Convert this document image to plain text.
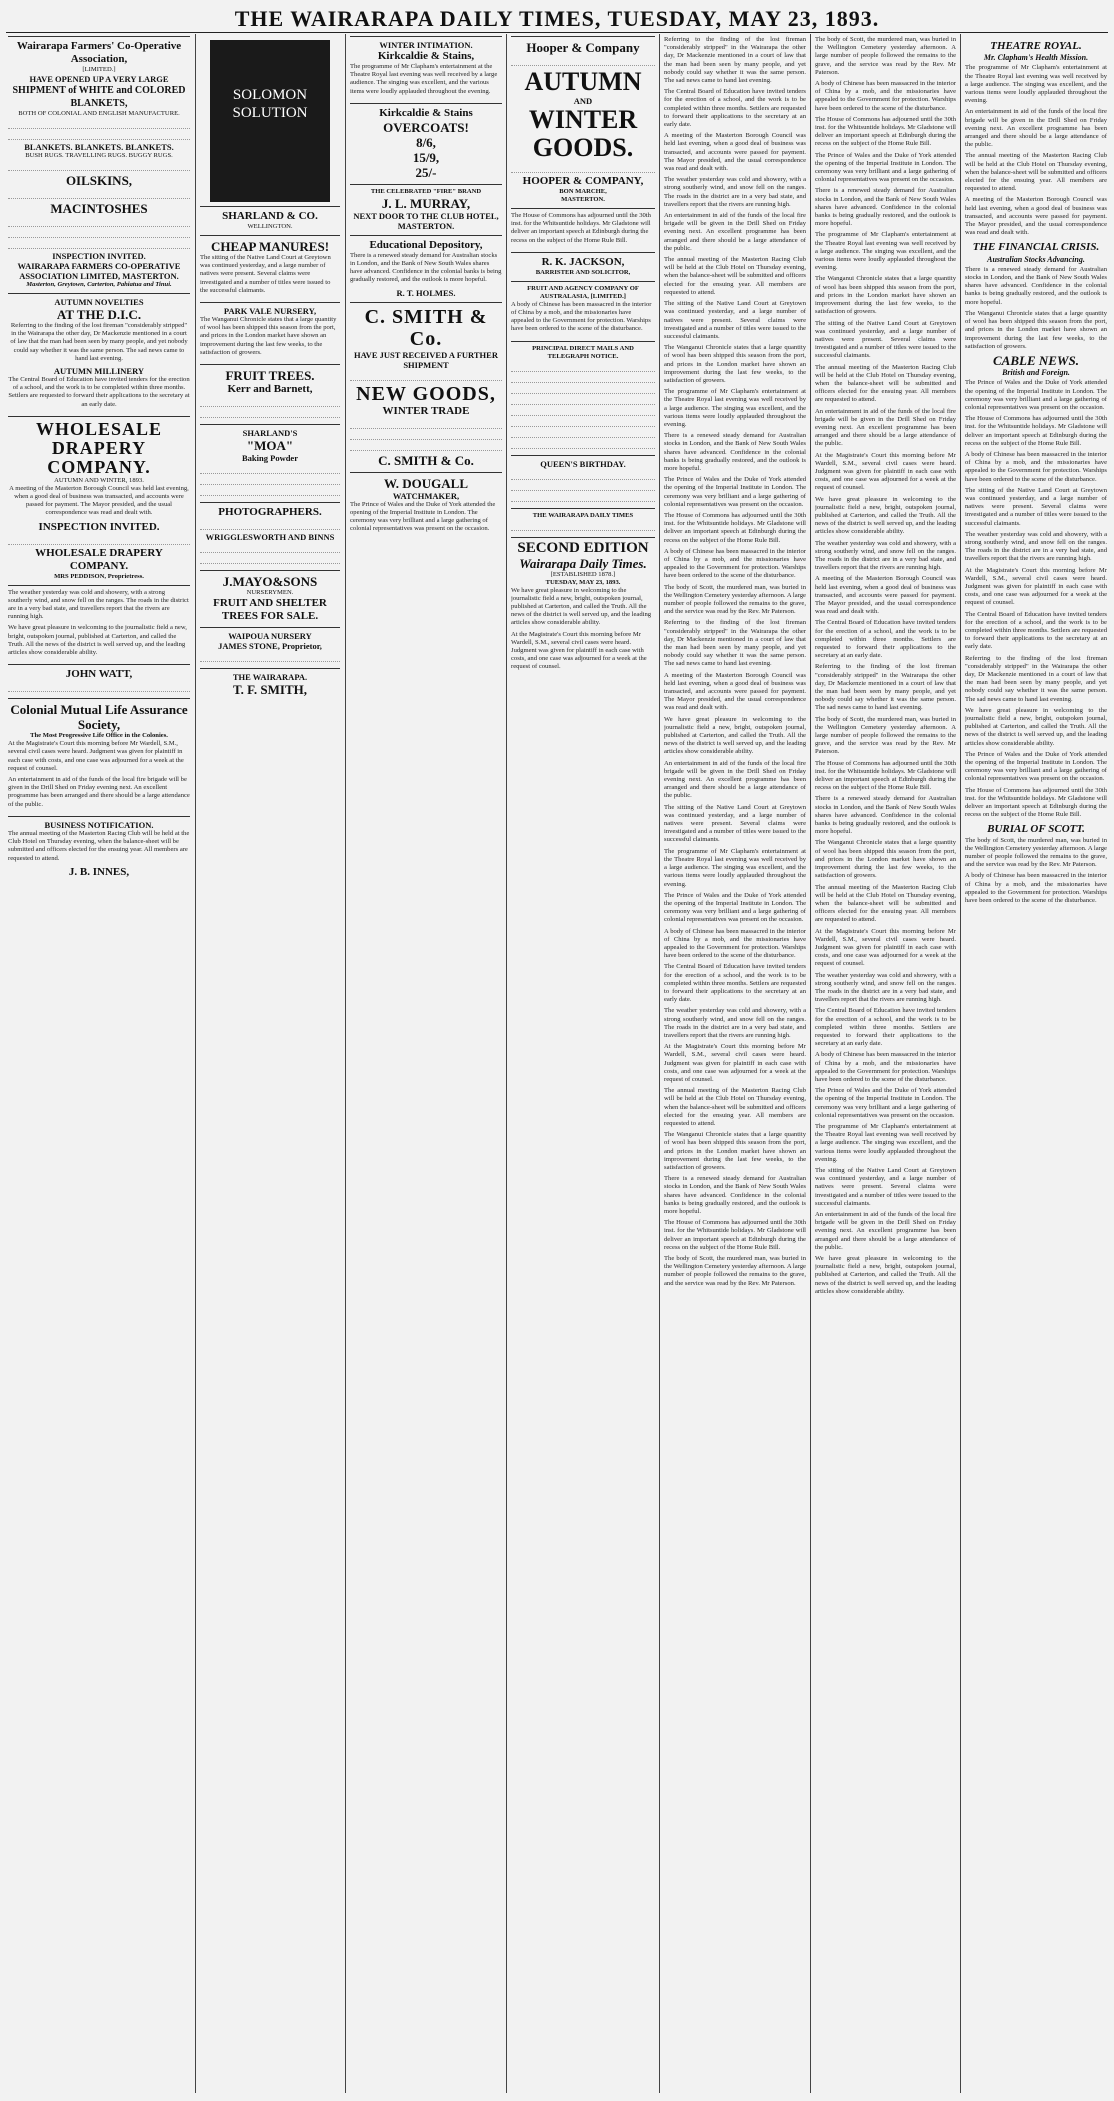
THE WAIRARAPA DAILY TIMES, TUESDAY, MAY 23, 1893.
Wairarapa Farmers' Co-Operative Association,
[LIMITED.]
HAVE OPENED UP A VERY LARGE
SHIPMENT of WHITE and COLORED BLANKETS,
BOTH OF COLONIAL AND ENGLISH MANUFACTURE.
BLANKETS. BLANKETS. BLANKETS.
BUSH RUGS. TRAVELLING RUGS. BUGGY RUGS.
OILSKINS,
MACINTOSHES
INSPECTION INVITED.
WAIRARAPA FARMERS CO-OPERATIVE ASSOCIATION LIMITED, MASTERTON.
Masterton, Greytown, Carterton, Pahiatua and Tinui.
AUTUMN NOVELTIES
AT THE D.I.C.

Referring to the finding of the lost fireman "considerably stripped" in the Wairarapa the other day, Dr Mackenzie mentioned in a court of law that the man had been seen by many people, and yet nobody could say whether it was the same person. The sad news came to hand last evening.

AUTUMN MILLINERY

The Central Board of Education have invited tenders for the erection of a school, and the work is to be completed within three months. Settlers are requested to forward their applications to the secretary at an early date.

WHOLESALE DRAPERY COMPANY.
AUTUMN AND WINTER, 1893.

A meeting of the Masterton Borough Council was held last evening, when a good deal of business was transacted, and accounts were passed for payment. The Mayor presided, and the usual correspondence was read and dealt with.

INSPECTION INVITED.
WHOLESALE DRAPERY COMPANY.
MRS PEDDISON, Proprietress.

The weather yesterday was cold and showery, with a strong southerly wind, and snow fell on the ranges. The roads in the district are in a very bad state, and travellers report that the rivers are running high.

We have great pleasure in welcoming to the journalistic field a new, bright, outspoken journal, published at Carterton, and called the Truth. All the news of the district is well served up, and the leading articles show considerable ability.

JOHN WATT,
Colonial Mutual Life Assurance Society,
The Most Progressive Life Office in the Colonies.

At the Magistrate's Court this morning before Mr Wardell, S.M., several civil cases were heard. Judgment was given for plaintiff in each case with costs, and one case was adjourned for a week at the request of counsel.

An entertainment in aid of the funds of the local fire brigade will be given in the Drill Shed on Friday evening next. An excellent programme has been arranged and there should be a large attendance of the public.

BUSINESS NOTIFICATION.

The annual meeting of the Masterton Racing Club will be held at the Club Hotel on Thursday evening, when the balance-sheet will be submitted and officers elected for the ensuing year. All members are requested to attend.

J. B. INNES,
SOLOMON SOLUTION
SHARLAND & CO.
WELLINGTON.
CHEAP MANURES!

The sitting of the Native Land Court at Greytown was continued yesterday, and a large number of natives were present. Several claims were investigated and a number of titles were issued to the successful claimants.

PARK VALE NURSERY,

The Wanganui Chronicle states that a large quantity of wool has been shipped this season from the port, and prices in the London market have shown an improvement during the last few weeks, to the satisfaction of growers.

FRUIT TREES.
Kerr and Barnett,
SHARLAND'S
"MOA"
Baking Powder
PHOTOGRAPHERS.
WRIGGLESWORTH AND BINNS
J.MAYO&SONS
NURSERYMEN.
FRUIT AND SHELTER TREES FOR SALE.
WAIPOUA NURSERY
JAMES STONE, Proprietor,
THE WAIRARAPA.
T. F. SMITH,
WINTER INTIMATION.
Kirkcaldie & Stains,

The programme of Mr Clapham's entertainment at the Theatre Royal last evening was well received by a large audience. The singing was excellent, and the various items were loudly applauded throughout the evening.

Kirkcaldie & Stains
OVERCOATS!
8/6,
15/9,
25/-
THE CELEBRATED "FIRE" BRAND
J. L. MURRAY,
NEXT DOOR TO THE CLUB HOTEL, MASTERTON.
Educational Depository,

There is a renewed steady demand for Australian stocks in London, and the Bank of New South Wales shares have advanced. Confidence in the colonial banks is being gradually restored, and the outlook is more hopeful.

R. T. HOLMES.
C. SMITH & Co.
HAVE JUST RECEIVED A FURTHER SHIPMENT
NEW GOODS,
WINTER TRADE
C. SMITH & Co.
W. DOUGALL
WATCHMAKER,

The Prince of Wales and the Duke of York attended the opening of the Imperial Institute in London. The ceremony was very brilliant and a large gathering of colonial representatives was present on the occasion.

Hooper & Company
AUTUMN
AND
WINTER
GOODS.
HOOPER & COMPANY,
BON MARCHE,
MASTERTON.

The House of Commons has adjourned until the 30th inst. for the Whitsuntide holidays. Mr Gladstone will deliver an important speech at Edinburgh during the recess on the subject of the Home Rule Bill.

R. K. JACKSON,
BARRISTER AND SOLICITOR,
FRUIT AND AGENCY COMPANY OF AUSTRALASIA, [LIMITED.]

A body of Chinese has been massacred in the interior of China by a mob, and the missionaries have appealed to the Government for protection. Warships have been ordered to the scene of the disturbance.

PRINCIPAL DIRECT MAILS AND TELEGRAPH NOTICE.
QUEEN'S BIRTHDAY.
THE WAIRARAPA DAILY TIMES
SECOND EDITION
Wairarapa Daily Times.
[ESTABLISHED 1878.]
TUESDAY, MAY 23, 1893.

We have great pleasure in welcoming to the journalistic field a new, bright, outspoken journal, published at Carterton, and called the Truth. All the news of the district is well served up, and the leading articles show considerable ability.

At the Magistrate's Court this morning before Mr Wardell, S.M., several civil cases were heard. Judgment was given for plaintiff in each case with costs, and one case was adjourned for a week at the request of counsel.

Referring to the finding of the lost fireman "considerably stripped" in the Wairarapa the other day, Dr Mackenzie mentioned in a court of law that the man had been seen by many people, and yet nobody could say whether it was the same person. The sad news came to hand last evening.

The Central Board of Education have invited tenders for the erection of a school, and the work is to be completed within three months. Settlers are requested to forward their applications to the secretary at an early date.

A meeting of the Masterton Borough Council was held last evening, when a good deal of business was transacted, and accounts were passed for payment. The Mayor presided, and the usual correspondence was read and dealt with.

The weather yesterday was cold and showery, with a strong southerly wind, and snow fell on the ranges. The roads in the district are in a very bad state, and travellers report that the rivers are running high.

An entertainment in aid of the funds of the local fire brigade will be given in the Drill Shed on Friday evening next. An excellent programme has been arranged and there should be a large attendance of the public.

The annual meeting of the Masterton Racing Club will be held at the Club Hotel on Thursday evening, when the balance-sheet will be submitted and officers elected for the ensuing year. All members are requested to attend.

The sitting of the Native Land Court at Greytown was continued yesterday, and a large number of natives were present. Several claims were investigated and a number of titles were issued to the successful claimants.

The Wanganui Chronicle states that a large quantity of wool has been shipped this season from the port, and prices in the London market have shown an improvement during the last few weeks, to the satisfaction of growers.

The programme of Mr Clapham's entertainment at the Theatre Royal last evening was well received by a large audience. The singing was excellent, and the various items were loudly applauded throughout the evening.

There is a renewed steady demand for Australian stocks in London, and the Bank of New South Wales shares have advanced. Confidence in the colonial banks is being gradually restored, and the outlook is more hopeful.

The Prince of Wales and the Duke of York attended the opening of the Imperial Institute in London. The ceremony was very brilliant and a large gathering of colonial representatives was present on the occasion.

The House of Commons has adjourned until the 30th inst. for the Whitsuntide holidays. Mr Gladstone will deliver an important speech at Edinburgh during the recess on the subject of the Home Rule Bill.

A body of Chinese has been massacred in the interior of China by a mob, and the missionaries have appealed to the Government for protection. Warships have been ordered to the scene of the disturbance.

The body of Scott, the murdered man, was buried in the Wellington Cemetery yesterday afternoon. A large number of people followed the remains to the grave, and the service was read by the Rev. Mr Paterson.

Referring to the finding of the lost fireman "considerably stripped" in the Wairarapa the other day, Dr Mackenzie mentioned in a court of law that the man had been seen by many people, and yet nobody could say whether it was the same person. The sad news came to hand last evening.

A meeting of the Masterton Borough Council was held last evening, when a good deal of business was transacted, and accounts were passed for payment. The Mayor presided, and the usual correspondence was read and dealt with.

We have great pleasure in welcoming to the journalistic field a new, bright, outspoken journal, published at Carterton, and called the Truth. All the news of the district is well served up, and the leading articles show considerable ability.

An entertainment in aid of the funds of the local fire brigade will be given in the Drill Shed on Friday evening next. An excellent programme has been arranged and there should be a large attendance of the public.

The sitting of the Native Land Court at Greytown was continued yesterday, and a large number of natives were present. Several claims were investigated and a number of titles were issued to the successful claimants.

The programme of Mr Clapham's entertainment at the Theatre Royal last evening was well received by a large audience. The singing was excellent, and the various items were loudly applauded throughout the evening.

The Prince of Wales and the Duke of York attended the opening of the Imperial Institute in London. The ceremony was very brilliant and a large gathering of colonial representatives was present on the occasion.

A body of Chinese has been massacred in the interior of China by a mob, and the missionaries have appealed to the Government for protection. Warships have been ordered to the scene of the disturbance.

The Central Board of Education have invited tenders for the erection of a school, and the work is to be completed within three months. Settlers are requested to forward their applications to the secretary at an early date.

The weather yesterday was cold and showery, with a strong southerly wind, and snow fell on the ranges. The roads in the district are in a very bad state, and travellers report that the rivers are running high.

At the Magistrate's Court this morning before Mr Wardell, S.M., several civil cases were heard. Judgment was given for plaintiff in each case with costs, and one case was adjourned for a week at the request of counsel.

The annual meeting of the Masterton Racing Club will be held at the Club Hotel on Thursday evening, when the balance-sheet will be submitted and officers elected for the ensuing year. All members are requested to attend.

The Wanganui Chronicle states that a large quantity of wool has been shipped this season from the port, and prices in the London market have shown an improvement during the last few weeks, to the satisfaction of growers.

There is a renewed steady demand for Australian stocks in London, and the Bank of New South Wales shares have advanced. Confidence in the colonial banks is being gradually restored, and the outlook is more hopeful.

The House of Commons has adjourned until the 30th inst. for the Whitsuntide holidays. Mr Gladstone will deliver an important speech at Edinburgh during the recess on the subject of the Home Rule Bill.

The body of Scott, the murdered man, was buried in the Wellington Cemetery yesterday afternoon. A large number of people followed the remains to the grave, and the service was read by the Rev. Mr Paterson.

The body of Scott, the murdered man, was buried in the Wellington Cemetery yesterday afternoon. A large number of people followed the remains to the grave, and the service was read by the Rev. Mr Paterson.

A body of Chinese has been massacred in the interior of China by a mob, and the missionaries have appealed to the Government for protection. Warships have been ordered to the scene of the disturbance.

The House of Commons has adjourned until the 30th inst. for the Whitsuntide holidays. Mr Gladstone will deliver an important speech at Edinburgh during the recess on the subject of the Home Rule Bill.

The Prince of Wales and the Duke of York attended the opening of the Imperial Institute in London. The ceremony was very brilliant and a large gathering of colonial representatives was present on the occasion.

There is a renewed steady demand for Australian stocks in London, and the Bank of New South Wales shares have advanced. Confidence in the colonial banks is being gradually restored, and the outlook is more hopeful.

The programme of Mr Clapham's entertainment at the Theatre Royal last evening was well received by a large audience. The singing was excellent, and the various items were loudly applauded throughout the evening.

The Wanganui Chronicle states that a large quantity of wool has been shipped this season from the port, and prices in the London market have shown an improvement during the last few weeks, to the satisfaction of growers.

The sitting of the Native Land Court at Greytown was continued yesterday, and a large number of natives were present. Several claims were investigated and a number of titles were issued to the successful claimants.

The annual meeting of the Masterton Racing Club will be held at the Club Hotel on Thursday evening, when the balance-sheet will be submitted and officers elected for the ensuing year. All members are requested to attend.

An entertainment in aid of the funds of the local fire brigade will be given in the Drill Shed on Friday evening next. An excellent programme has been arranged and there should be a large attendance of the public.

At the Magistrate's Court this morning before Mr Wardell, S.M., several civil cases were heard. Judgment was given for plaintiff in each case with costs, and one case was adjourned for a week at the request of counsel.

We have great pleasure in welcoming to the journalistic field a new, bright, outspoken journal, published at Carterton, and called the Truth. All the news of the district is well served up, and the leading articles show considerable ability.

The weather yesterday was cold and showery, with a strong southerly wind, and snow fell on the ranges. The roads in the district are in a very bad state, and travellers report that the rivers are running high.

A meeting of the Masterton Borough Council was held last evening, when a good deal of business was transacted, and accounts were passed for payment. The Mayor presided, and the usual correspondence was read and dealt with.

The Central Board of Education have invited tenders for the erection of a school, and the work is to be completed within three months. Settlers are requested to forward their applications to the secretary at an early date.

Referring to the finding of the lost fireman "considerably stripped" in the Wairarapa the other day, Dr Mackenzie mentioned in a court of law that the man had been seen by many people, and yet nobody could say whether it was the same person. The sad news came to hand last evening.

The body of Scott, the murdered man, was buried in the Wellington Cemetery yesterday afternoon. A large number of people followed the remains to the grave, and the service was read by the Rev. Mr Paterson.

The House of Commons has adjourned until the 30th inst. for the Whitsuntide holidays. Mr Gladstone will deliver an important speech at Edinburgh during the recess on the subject of the Home Rule Bill.

There is a renewed steady demand for Australian stocks in London, and the Bank of New South Wales shares have advanced. Confidence in the colonial banks is being gradually restored, and the outlook is more hopeful.

The Wanganui Chronicle states that a large quantity of wool has been shipped this season from the port, and prices in the London market have shown an improvement during the last few weeks, to the satisfaction of growers.

The annual meeting of the Masterton Racing Club will be held at the Club Hotel on Thursday evening, when the balance-sheet will be submitted and officers elected for the ensuing year. All members are requested to attend.

At the Magistrate's Court this morning before Mr Wardell, S.M., several civil cases were heard. Judgment was given for plaintiff in each case with costs, and one case was adjourned for a week at the request of counsel.

The weather yesterday was cold and showery, with a strong southerly wind, and snow fell on the ranges. The roads in the district are in a very bad state, and travellers report that the rivers are running high.

The Central Board of Education have invited tenders for the erection of a school, and the work is to be completed within three months. Settlers are requested to forward their applications to the secretary at an early date.

A body of Chinese has been massacred in the interior of China by a mob, and the missionaries have appealed to the Government for protection. Warships have been ordered to the scene of the disturbance.

The Prince of Wales and the Duke of York attended the opening of the Imperial Institute in London. The ceremony was very brilliant and a large gathering of colonial representatives was present on the occasion.

The programme of Mr Clapham's entertainment at the Theatre Royal last evening was well received by a large audience. The singing was excellent, and the various items were loudly applauded throughout the evening.

The sitting of the Native Land Court at Greytown was continued yesterday, and a large number of natives were present. Several claims were investigated and a number of titles were issued to the successful claimants.

An entertainment in aid of the funds of the local fire brigade will be given in the Drill Shed on Friday evening next. An excellent programme has been arranged and there should be a large attendance of the public.

We have great pleasure in welcoming to the journalistic field a new, bright, outspoken journal, published at Carterton, and called the Truth. All the news of the district is well served up, and the leading articles show considerable ability.

THEATRE ROYAL.
Mr. Clapham's Health Mission.

The programme of Mr Clapham's entertainment at the Theatre Royal last evening was well received by a large audience. The singing was excellent, and the various items were loudly applauded throughout the evening.

An entertainment in aid of the funds of the local fire brigade will be given in the Drill Shed on Friday evening next. An excellent programme has been arranged and there should be a large attendance of the public.

The annual meeting of the Masterton Racing Club will be held at the Club Hotel on Thursday evening, when the balance-sheet will be submitted and officers elected for the ensuing year. All members are requested to attend.

A meeting of the Masterton Borough Council was held last evening, when a good deal of business was transacted, and accounts were passed for payment. The Mayor presided, and the usual correspondence was read and dealt with.

THE FINANCIAL CRISIS.
Australian Stocks Advancing.

There is a renewed steady demand for Australian stocks in London, and the Bank of New South Wales shares have advanced. Confidence in the colonial banks is being gradually restored, and the outlook is more hopeful.

The Wanganui Chronicle states that a large quantity of wool has been shipped this season from the port, and prices in the London market have shown an improvement during the last few weeks, to the satisfaction of growers.

CABLE NEWS.
British and Foreign.

The Prince of Wales and the Duke of York attended the opening of the Imperial Institute in London. The ceremony was very brilliant and a large gathering of colonial representatives was present on the occasion.

The House of Commons has adjourned until the 30th inst. for the Whitsuntide holidays. Mr Gladstone will deliver an important speech at Edinburgh during the recess on the subject of the Home Rule Bill.

A body of Chinese has been massacred in the interior of China by a mob, and the missionaries have appealed to the Government for protection. Warships have been ordered to the scene of the disturbance.

The sitting of the Native Land Court at Greytown was continued yesterday, and a large number of natives were present. Several claims were investigated and a number of titles were issued to the successful claimants.

The weather yesterday was cold and showery, with a strong southerly wind, and snow fell on the ranges. The roads in the district are in a very bad state, and travellers report that the rivers are running high.

At the Magistrate's Court this morning before Mr Wardell, S.M., several civil cases were heard. Judgment was given for plaintiff in each case with costs, and one case was adjourned for a week at the request of counsel.

The Central Board of Education have invited tenders for the erection of a school, and the work is to be completed within three months. Settlers are requested to forward their applications to the secretary at an early date.

Referring to the finding of the lost fireman "considerably stripped" in the Wairarapa the other day, Dr Mackenzie mentioned in a court of law that the man had been seen by many people, and yet nobody could say whether it was the same person. The sad news came to hand last evening.

We have great pleasure in welcoming to the journalistic field a new, bright, outspoken journal, published at Carterton, and called the Truth. All the news of the district is well served up, and the leading articles show considerable ability.

The Prince of Wales and the Duke of York attended the opening of the Imperial Institute in London. The ceremony was very brilliant and a large gathering of colonial representatives was present on the occasion.

The House of Commons has adjourned until the 30th inst. for the Whitsuntide holidays. Mr Gladstone will deliver an important speech at Edinburgh during the recess on the subject of the Home Rule Bill.

BURIAL OF SCOTT.

The body of Scott, the murdered man, was buried in the Wellington Cemetery yesterday afternoon. A large number of people followed the remains to the grave, and the service was read by the Rev. Mr Paterson.

A body of Chinese has been massacred in the interior of China by a mob, and the missionaries have appealed to the Government for protection. Warships have been ordered to the scene of the disturbance.
